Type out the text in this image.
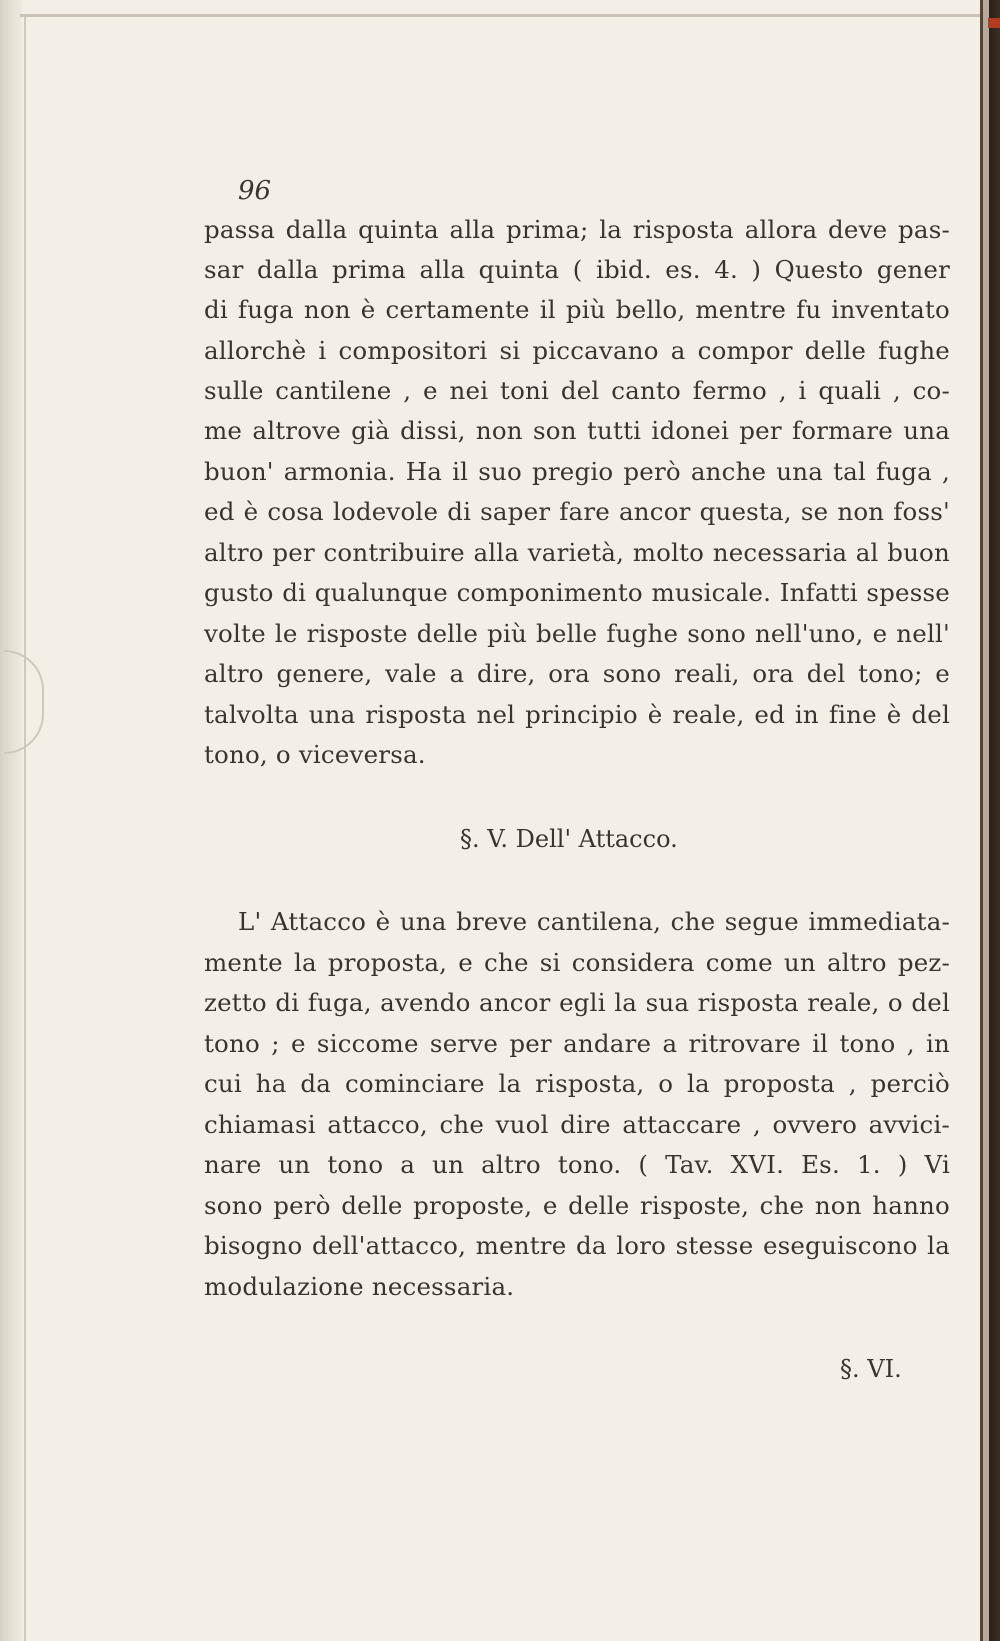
96
passa dalla quinta alla prima; la risposta allora deve pas-
sar dalla prima alla quinta ( ibid. es. 4. ) Questo gener
di fuga non è certamente il più bello, mentre fu inventato
allorchè i compositori si piccavano a compor delle fughe
sulle cantilene , e nei toni del canto fermo , i quali , co-
me altrove già dissi, non son tutti idonei per formare una
buon' armonia. Ha il suo pregio però anche una tal fuga ,
ed è cosa lodevole di saper fare ancor questa, se non foss'
altro per contribuire alla varietà, molto necessaria al buon
gusto di qualunque componimento musicale. Infatti spesse
volte le risposte delle più belle fughe sono nell'uno, e nell'
altro genere, vale a dire, ora sono reali, ora del tono; e
talvolta una risposta nel principio è reale, ed in fine è del
tono, o viceversa.
§. V. Dell' Attacco.
L' Attacco è una breve cantilena, che segue immediata-
mente la proposta, e che si considera come un altro pez-
zetto di fuga, avendo ancor egli la sua risposta reale, o del
tono ; e siccome serve per andare a ritrovare il tono , in
cui ha da cominciare la risposta, o la proposta , perciò
chiamasi attacco, che vuol dire attaccare , ovvero avvici-
nare un tono a un altro tono. ( Tav. XVI. Es. 1. ) Vi
sono però delle proposte, e delle risposte, che non hanno
bisogno dell'attacco, mentre da loro stesse eseguiscono la
modulazione necessaria.
§. VI.
